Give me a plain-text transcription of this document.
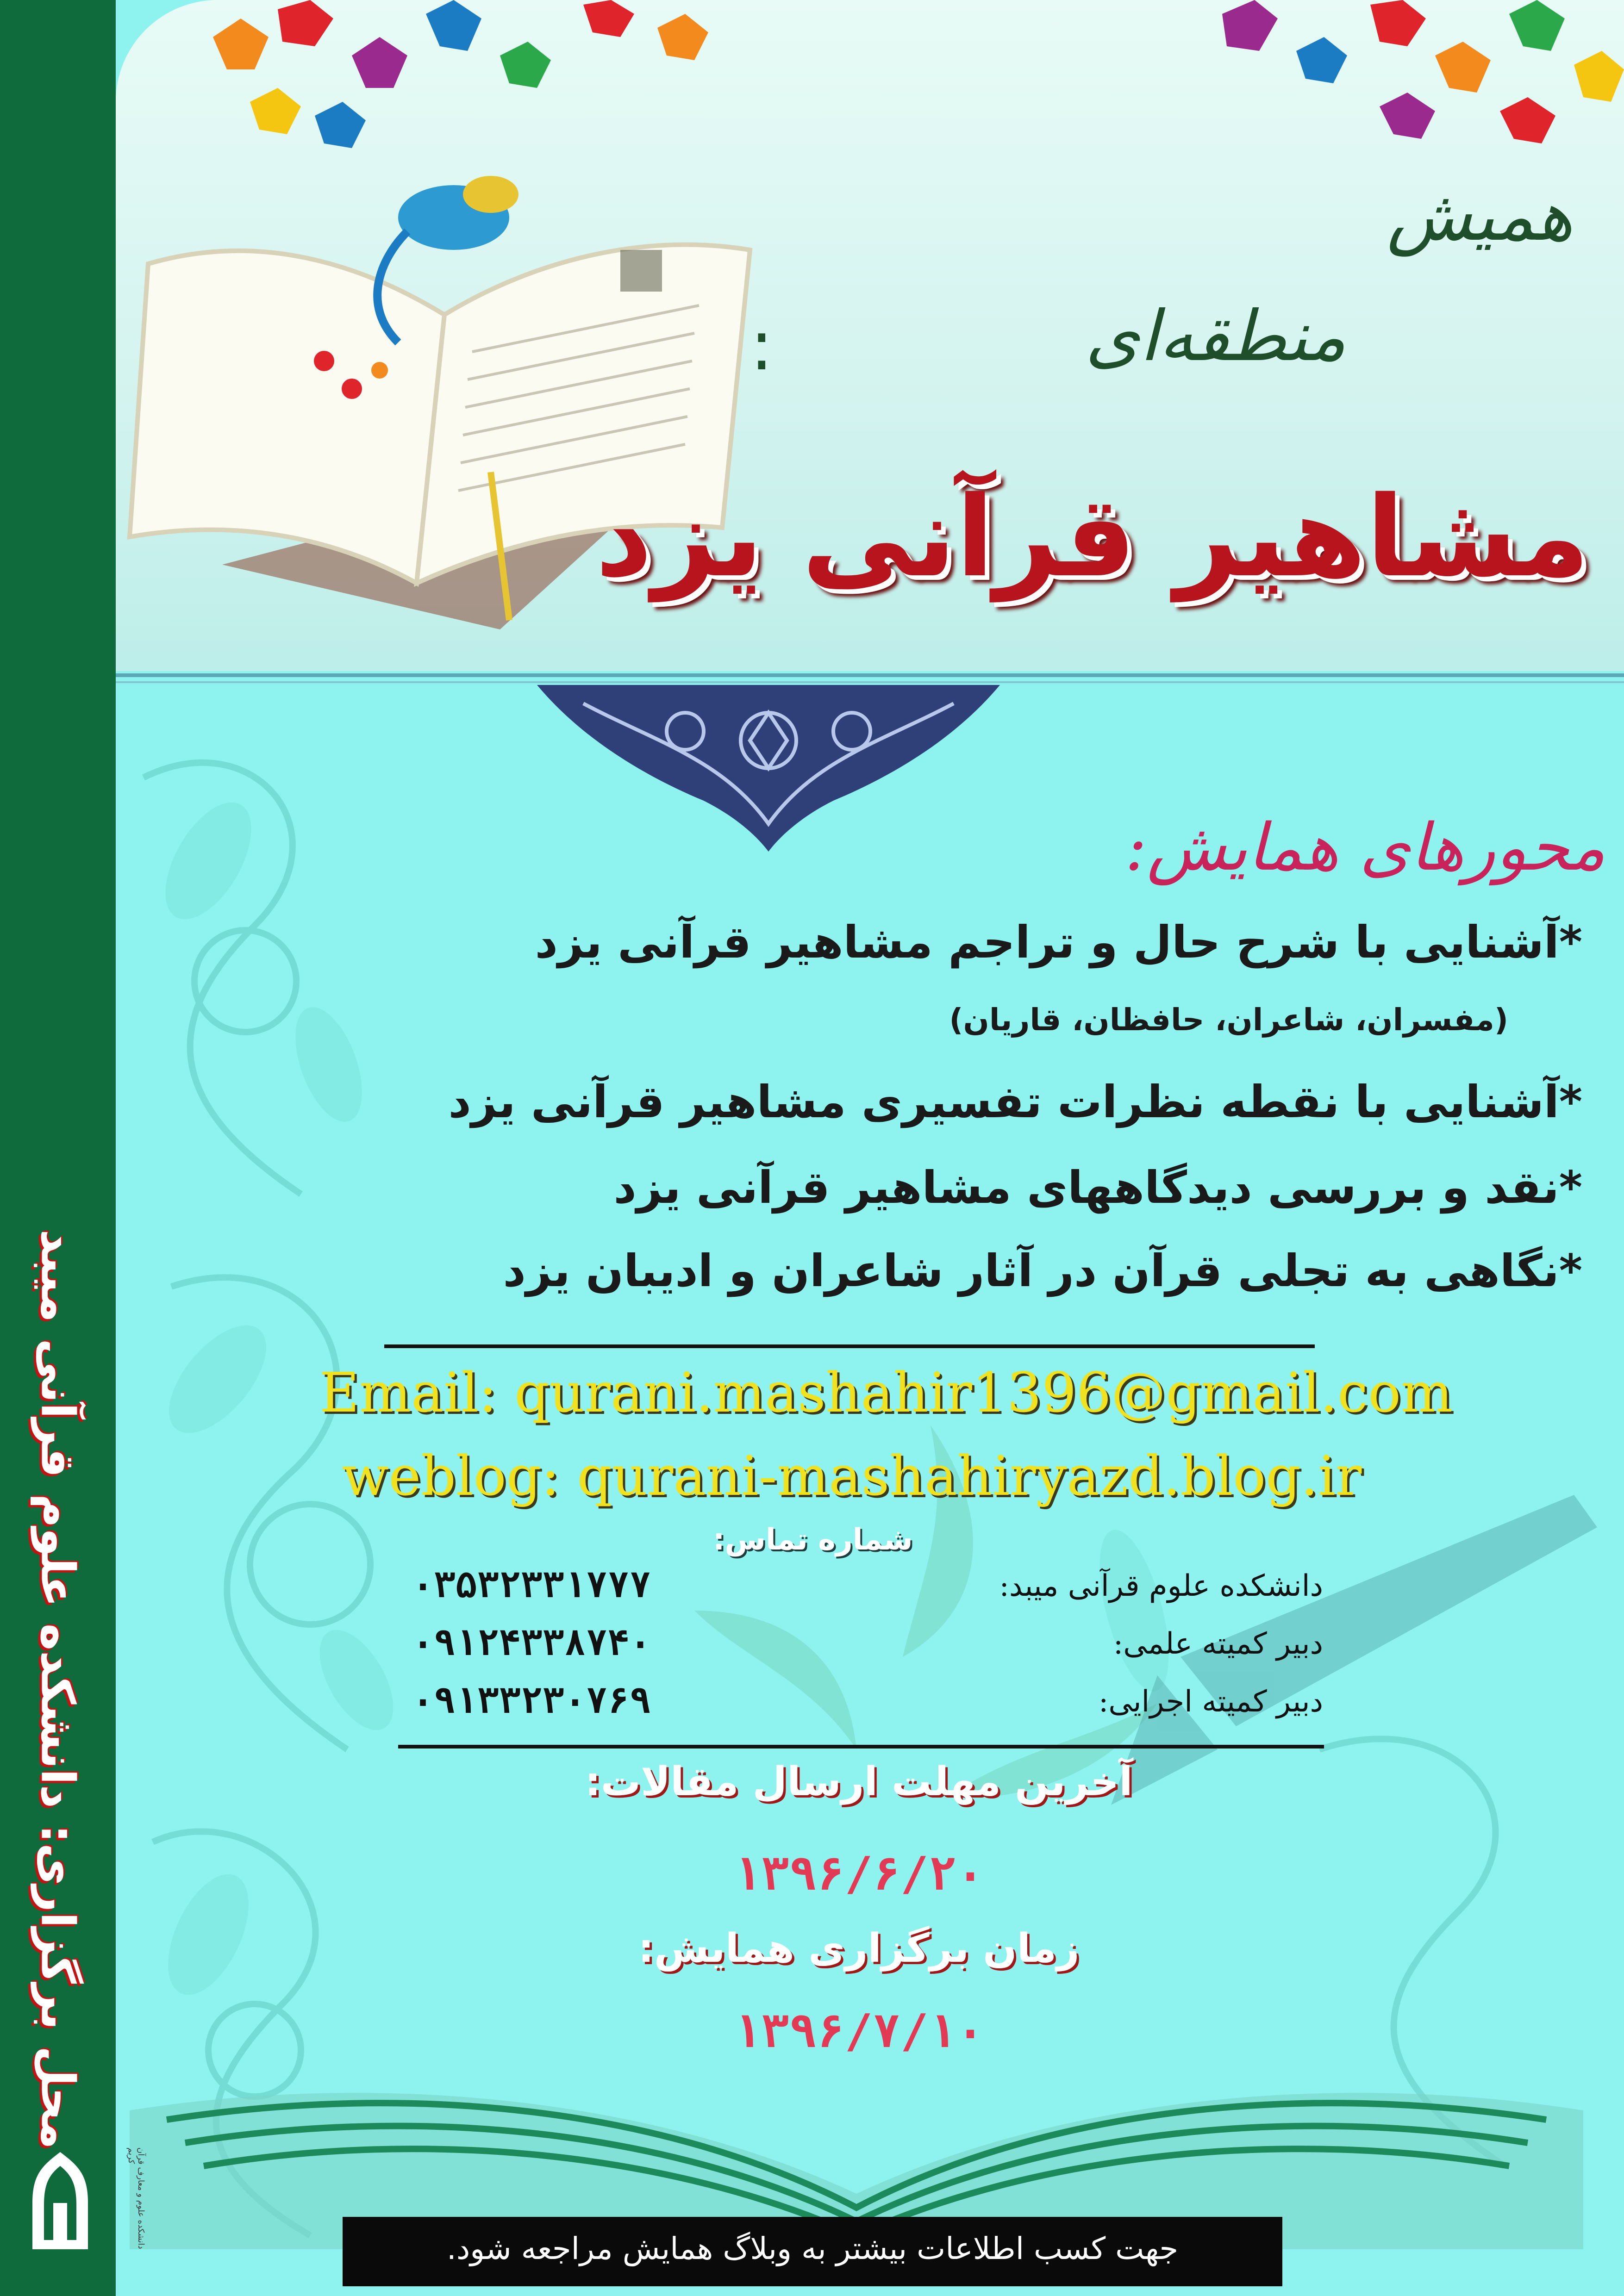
همیش
منطقه‌ای
:
مشاهیر قرآنی یزد
محورهای همایش:
*آشنایی با شرح حال و تراجم مشاهیر قرآنی یزد
(مفسران، شاعران، حافظان، قاریان)
*آشنایی با نقطه نظرات تفسیری مشاهیر قرآنی یزد
*نقد و بررسی دیدگاههای مشاهیر قرآنی یزد
*نگاهی به تجلی قرآن در آثار شاعران و ادیبان یزد
Email: qurani.mashahir1396@gmail.com
weblog: qurani-mashahiryazd.blog.ir
شماره تماس:
دانشکده علوم قرآنی میبد:
۰۳۵۳۲۳۳۱۷۷۷
دبیر کمیته علمی:
۰۹۱۲۴۳۳۸۷۴۰
دبیر کمیته اجرایی:
۰۹۱۳۳۲۳۰۷۶۹
آخرین مهلت ارسال مقالات:
۱۳۹۶/۶/۲۰
زمان برگزاری همایش:
۱۳۹۶/۷/۱۰
جهت کسب اطلاعات بیشتر به وبلاگ همایش مراجعه شود.
محل برگزاری: دانشکده علوم قرآنی میبد
دانشکده علوم و معارف قرآن کریم
